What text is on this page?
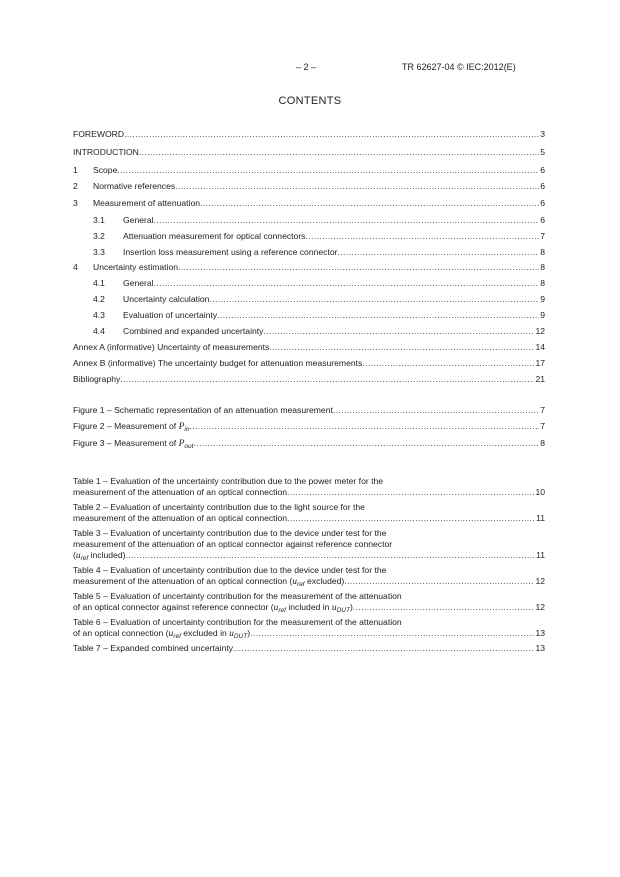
– 2 –	TR 62627-04 © IEC:2012(E)
CONTENTS
FOREWORD .....	3
INTRODUCTION .....	5
1	Scope .....	6
2	Normative references .....	6
3	Measurement of attenuation .....	6
3.1	General .....	6
3.2	Attenuation measurement for optical connectors .....	7
3.3	Insertion loss measurement using a reference connector .....	8
4	Uncertainty estimation .....	8
4.1	General .....	8
4.2	Uncertainty calculation .....	9
4.3	Evaluation of uncertainty .....	9
4.4	Combined and expanded uncertainty .....	12
Annex A (informative) Uncertainty of measurements .....	14
Annex B (informative) The uncertainty budget for attenuation measurements .....	17
Bibliography .....	21
Figure 1 – Schematic representation of an attenuation measurement .....	7
Figure 2 – Measurement of $P_{in}$ .....	7
Figure 3 – Measurement of $P_{out}$ .....	8
Table 1 – Evaluation of the uncertainty contribution due to the power meter for the
measurement of the attenuation of an optical connection .....	10
Table 2 – Evaluation of uncertainty contribution due to the light source for the
measurement of the attenuation of an optical connection .....	11
Table 3 – Evaluation of uncertainty contribution due to the device under test for the
measurement of the attenuation of an optical connector against reference connector
($u_{ref}$ included) .....	11
Table 4 – Evaluation of uncertainty contribution due to the device under test for the
measurement of the attenuation of an optical connection ($u_{ref}$ excluded) .....	12
Table 5 – Evaluation of uncertainty contribution for the measurement of the attenuation
of an optical connector against reference connector ($u_{ref}$ included in $u_{DUT}$) .....	12
Table 6 – Evaluation of uncertainty contribution for the measurement of the attenuation
of an optical connection ($u_{ref}$ excluded in $u_{DUT}$) .....	13
Table 7 – Expanded combined uncertainty .....	13
